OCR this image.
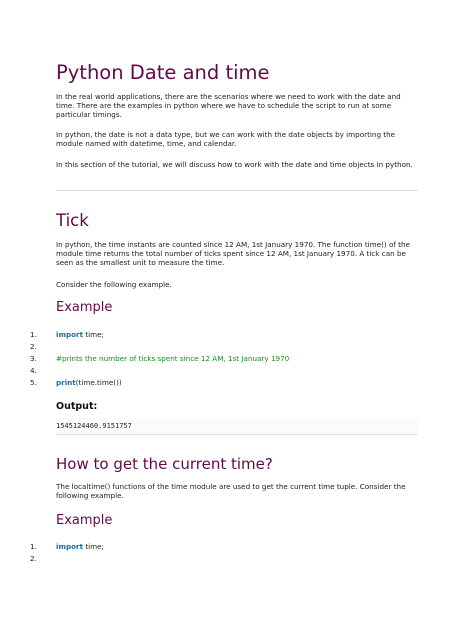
Python Date and time

In the real world applications, there are the scenarios where we need to work with the date and time. There are the examples in python where we have to schedule the script to run at some particular timings.

In python, the date is not a data type, but we can work with the date objects by importing the module named with datetime, time, and calendar.

In this section of the tutorial, we will discuss how to work with the date and time objects in python.

Tick

In python, the time instants are counted since 12 AM, 1st January 1970. The function time() of the module time returns the total number of ticks spent since 12 AM, 1st January 1970. A tick can be seen as the smallest unit to measure the time.

Consider the following example.

Example
1.	import time;
2.
3.	#prints the number of ticks spent since 12 AM, 1st January 1970
4.
5.	print(time.time())
Output:
1545124460.9151757
How to get the current time?

The localtime() functions of the time module are used to get the current time tuple. Consider the following example.

Example
1.	import time;
2.
